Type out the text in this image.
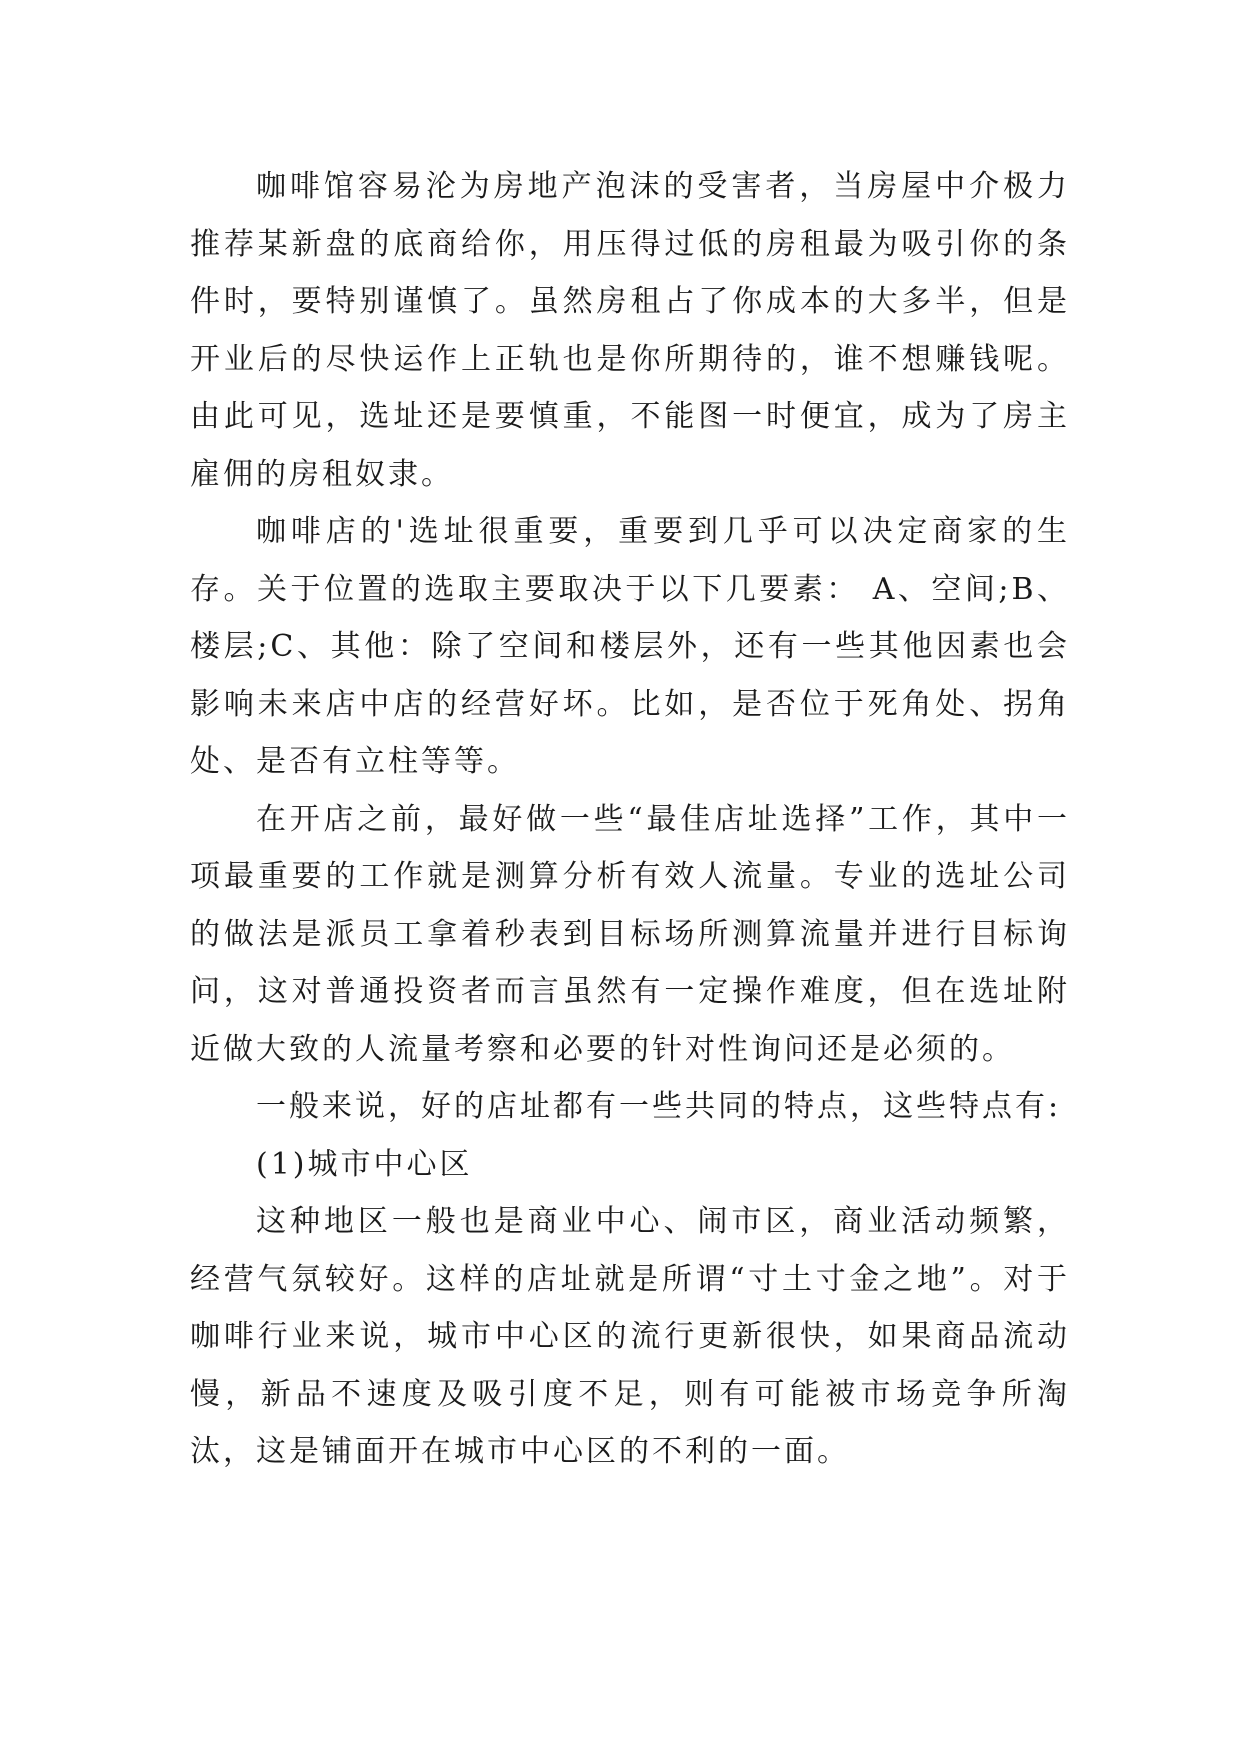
咖啡馆容易沦为房地产泡沫的受害者，当房屋中介极力推荐某新盘的底商给你，用压得过低的房租最为吸引你的条件时，要特别谨慎了。虽然房租占了你成本的大多半，但是开业后的尽快运作上正轨也是你所期待的，谁不想赚钱呢。由此可见，选址还是要慎重，不能图一时便宜，成为了房主雇佣的房租奴隶。

咖啡店的'选址很重要，重要到几乎可以决定商家的生存。关于位置的选取主要取决于以下几要素： A、空间;B、楼层;C、其他：除了空间和楼层外，还有一些其他因素也会影响未来店中店的经营好坏。比如，是否位于死角处、拐角处、是否有立柱等等。

在开店之前，最好做一些“最佳店址选择”工作，其中一项最重要的工作就是测算分析有效人流量。专业的选址公司的做法是派员工拿着秒表到目标场所测算流量并进行目标询问，这对普通投资者而言虽然有一定操作难度，但在选址附近做大致的人流量考察和必要的针对性询问还是必须的。

一般来说，好的店址都有一些共同的特点，这些特点有:

(1)城市中心区

这种地区一般也是商业中心、闹市区，商业活动频繁，经营气氛较好。这样的店址就是所谓“寸土寸金之地”。对于咖啡行业来说，城市中心区的流行更新很快，如果商品流动慢，新品不速度及吸引度不足，则有可能被市场竞争所淘汰，这是铺面开在城市中心区的不利的一面。
